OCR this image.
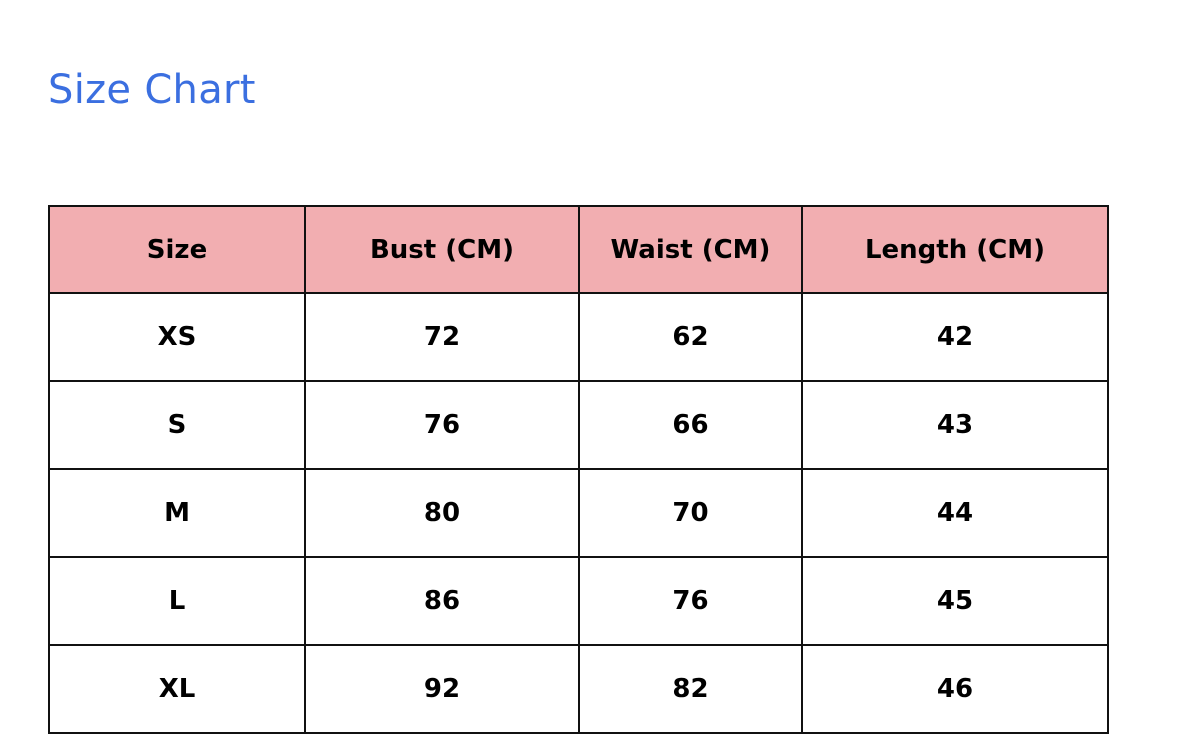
Size Chart
Size	Bust (CM)	Waist (CM)	Length (CM)
XS	72	62	42
S	76	66	43
M	80	70	44
L	86	76	45
XL	92	82	46
